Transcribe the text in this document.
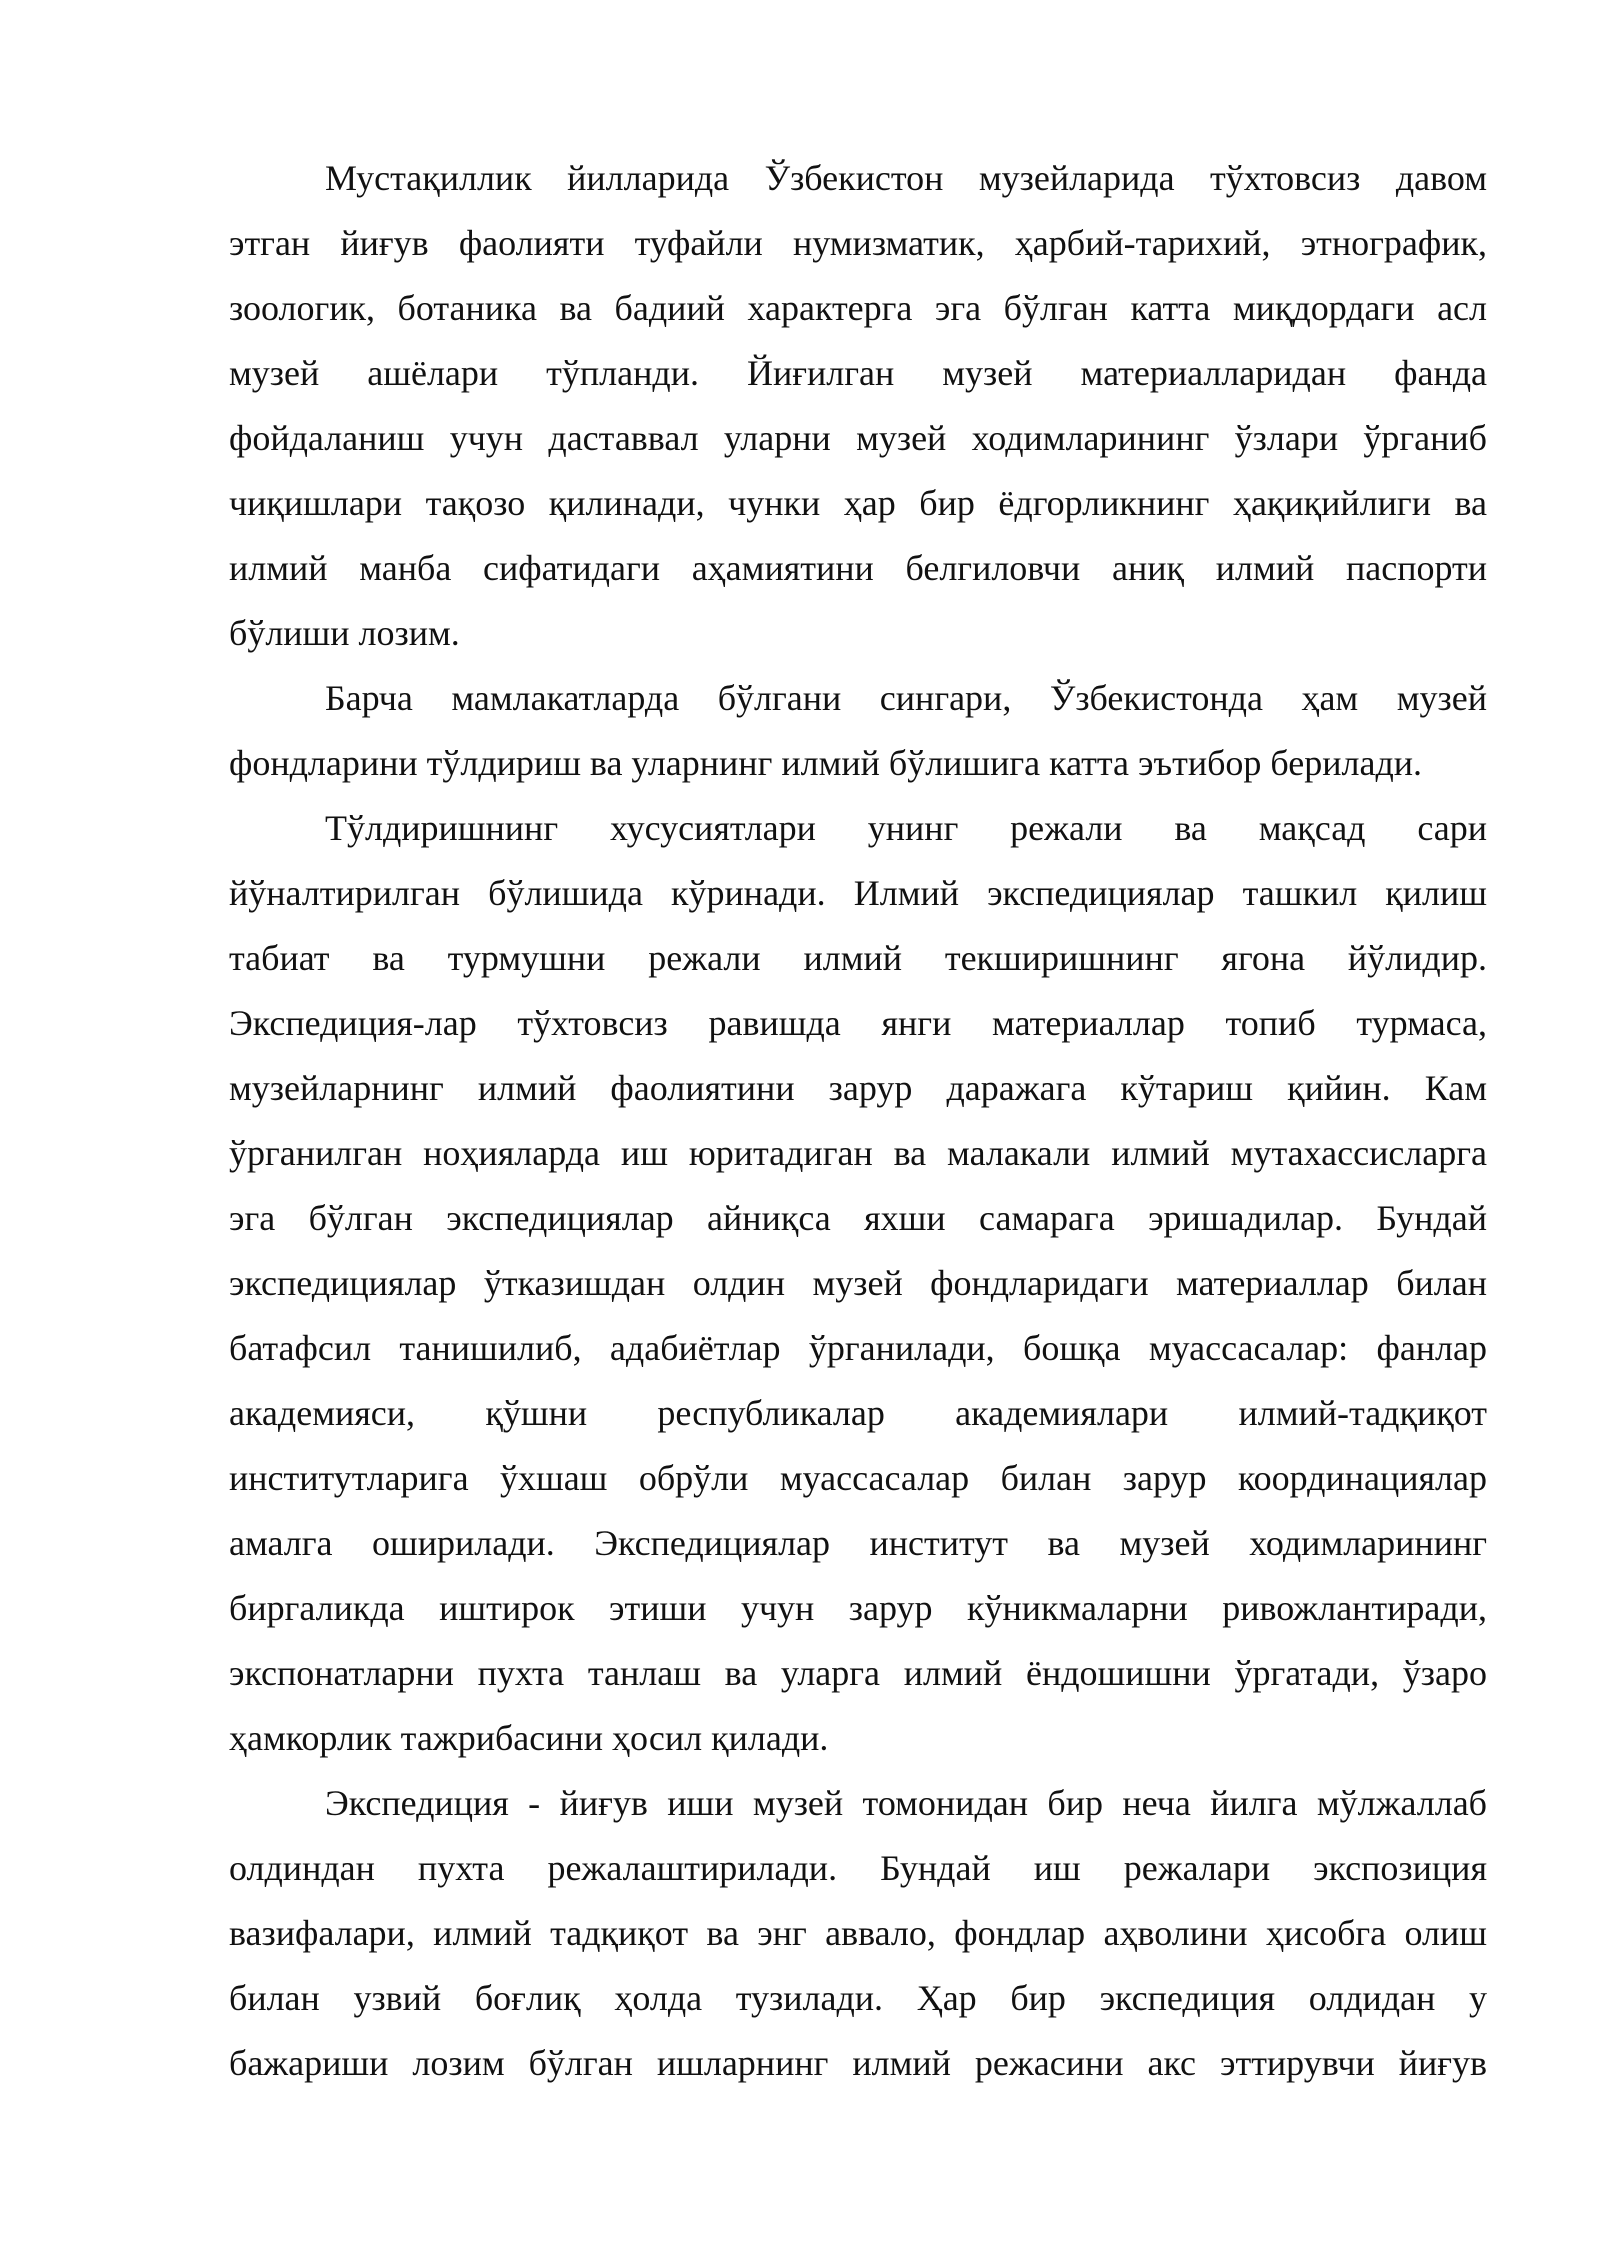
Мустақиллик йилларида Ўзбекистон музейларида тўхтовсиз давом
этган йиғув фаолияти туфайли нумизматик, ҳарбий-тарихий, этнографик,
зоологик, ботаника ва бадиий характерга эга бўлган катта миқдордаги асл
музей ашёлари тўпланди. Йиғилган музей материалларидан фанда
фойдаланиш учун даставвал уларни музей ходимларининг ўзлари ўрганиб
чиқишлари тақозо қилинади, чунки ҳар бир ёдгорликнинг ҳақиқийлиги ва
илмий манба сифатидаги аҳамиятини белгиловчи аниқ илмий паспорти
бўлиши лозим.
Барча мамлакатларда бўлгани сингари, Ўзбекистонда ҳам музей
фондларини тўлдириш ва уларнинг илмий бўлишига катта эътибор берилади.
Тўлдиришнинг хусусиятлари унинг режали ва мақсад сари
йўналтирилган бўлишида кўринади. Илмий экспедициялар ташкил қилиш
табиат ва турмушни режали илмий текширишнинг ягона йўлидир.
Экспедиция-лар тўхтовсиз равишда янги материаллар топиб турмаса,
музейларнинг илмий фаолиятини зарур даражага кўтариш қийин. Кам
ўрганилган ноҳияларда иш юритадиган ва малакали илмий мутахассисларга
эга бўлган экспедициялар айниқса яхши самарага эришадилар. Бундай
экспедициялар ўтказишдан олдин музей фондларидаги материаллар билан
батафсил танишилиб, адабиётлар ўрганилади, бошқа муассасалар: фанлар
академияси, қўшни республикалар академиялари илмий-тадқиқот
институтларига ўхшаш обрўли муассасалар билан зарур координациялар
амалга оширилади. Экспедициялар институт ва музей ходимларининг
биргаликда иштирок этиши учун зарур кўникмаларни ривожлантиради,
экспонатларни пухта танлаш ва уларга илмий ёндошишни ўргатади, ўзаро
ҳамкорлик тажрибасини ҳосил қилади.
Экспедиция - йиғув иши музей томонидан бир неча йилга мўлжаллаб
олдиндан пухта режалаштирилади. Бундай иш режалари экспозиция
вазифалари, илмий тадқиқот ва энг аввало, фондлар аҳволини ҳисобга олиш
билан узвий боғлиқ ҳолда тузилади. Ҳар бир экспедиция олдидан у
бажариши лозим бўлган ишларнинг илмий режасини акс эттирувчи йиғув
